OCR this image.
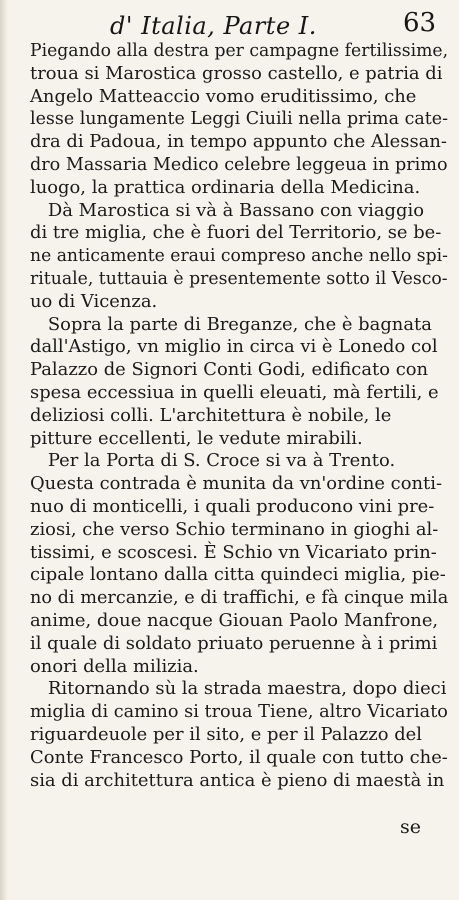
d' Italia, Parte I.	63
Piegando alla destra per campagne fertilissime,
troua si Marostica grosso castello, e patria di
Angelo Matteaccio vomo eruditissimo, che
lesse lungamente Leggi Ciuili nella prima cate-
dra di Padoua, in tempo appunto che Alessan-
dro Massaria Medico celebre leggeua in primo
luogo, la prattica ordinaria della Medicina.
Dà Marostica si và à Bassano con viaggio
di tre miglia, che è fuori del Territorio, se be-
ne anticamente eraui compreso anche nello spi-
rituale, tuttauia è presentemente sotto il Vesco-
uo di Vicenza.
Sopra la parte di Breganze, che è bagnata
dall'Astigo, vn miglio in circa vi è Lonedo col
Palazzo de Signori Conti Godi, edificato con
spesa eccessiua in quelli eleuati, mà fertili, e
deliziosi colli. L'architettura è nobile, le
pitture eccellenti, le vedute mirabili.
Per la Porta di S. Croce si va à Trento.
Questa contrada è munita da vn'ordine conti-
nuo di monticelli, i quali producono vini pre-
ziosi, che verso Schio terminano in gioghi al-
tissimi, e scoscesi. È Schio vn Vicariato prin-
cipale lontano dalla citta quindeci miglia, pie-
no di mercanzie, e di traffichi, e fà cinque mila
anime, doue nacque Giouan Paolo Manfrone,
il quale di soldato priuato peruenne à i primi
onori della milizia.
Ritornando sù la strada maestra, dopo dieci
miglia di camino si troua Tiene, altro Vicariato
riguardeuole per il sito, e per il Palazzo del
Conte Francesco Porto, il quale con tutto che-
sia di architettura antica è pieno di maestà in
se
